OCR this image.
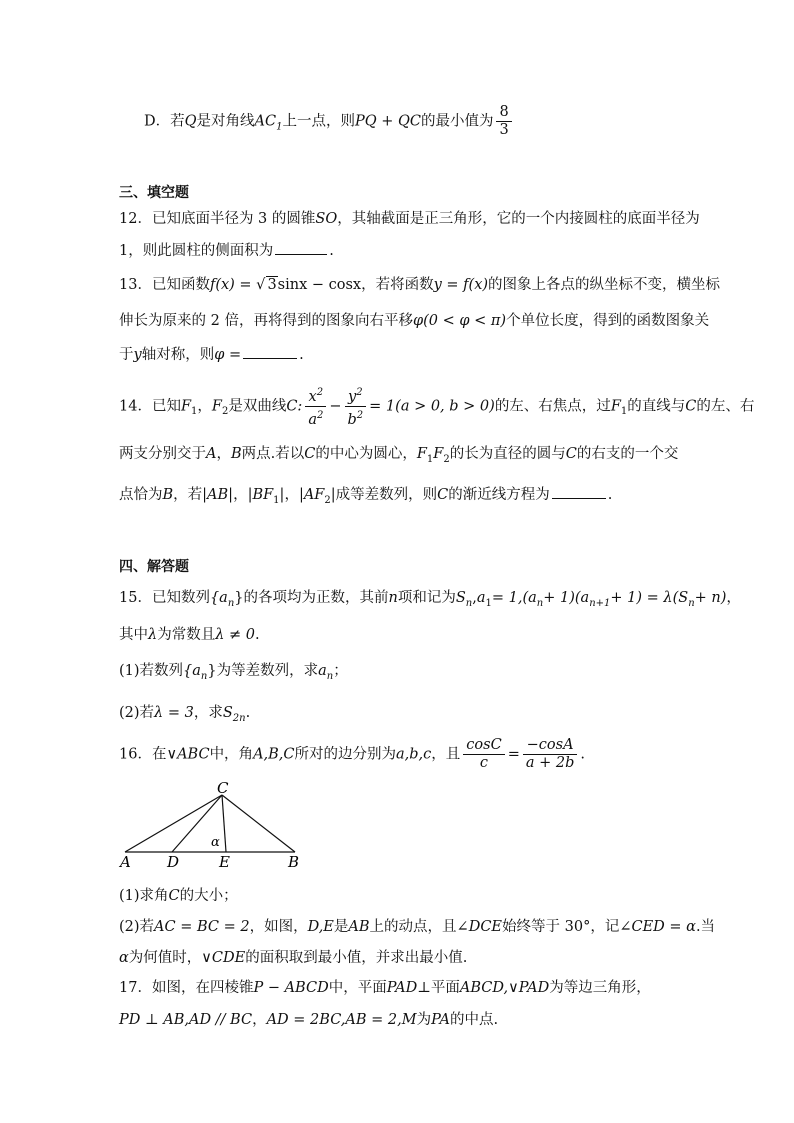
D．若Q是对角线$AC_1$上一点，则PQ + QC的最小值为 $\frac{8}{3}$
三、填空题
12．已知底面半径为 3 的圆锥SO，其轴截面是正三角形，它的一个内接圆柱的底面半径为
1，则此圆柱的侧面积为	.
13．已知函数f(x) = √ 3sinx − cosx，若将函数y = f(x)的图象上各点的纵坐标不变，横坐标
伸长为原来的 2 倍，再将得到的图象向右平移φ(0 < φ < π)个单位长度，得到的函数图象关
于y轴对称，则φ =	.
14．已知$F_1$，$F_2$是双曲线C: $\frac{x^2}{a^2} - \frac{y^2}{b^2} = 1(a > 0$, b > 0)的左、右焦点，过$F_1$的直线与C的左、右
两支分别交于A，B两点.若以C的中心为圆心，$F_1F_2$的长为直径的圆与C的右支的一个交
点恰为B，若|AB|，$|BF_1|$，$|AF_2|$成等差数列，则C的渐近线方程为	.
四、解答题
15．已知数列$\{a_n\}$的各项均为正数，其前n项和记为$S_n,a_1= 1,(a_n+ 1)(a_{n+1}+ 1) = \lambda(S_n+ n)$，
其中λ为常数且λ ≠ 0.
(1)若数列$\{a_n\}$为等差数列，求$a_n$；
(2)若λ = 3，求$S_{2n}$.
16．在∨ABC中，角A,B,C所对的边分别为a,b,c，且 $\frac{\cos C}{c} = \frac{-\cos A}{a + 2b}$ .
C
A D	E	B
α
(1)求角C的大小；
(2)若AC = BC = 2，如图，D,E是AB上的动点，且∠DCE始终等于 30°，记∠CED = α.当
α为何值时，∨CDE的面积取到最小值，并求出最小值.
17．如图，在四棱锥P − ABCD中，平面PAD⊥平面ABCD,∨PAD为等边三角形，
PD ⊥ AB,AD // BC，AD = 2BC,AB = 2,M为PA的中点.
